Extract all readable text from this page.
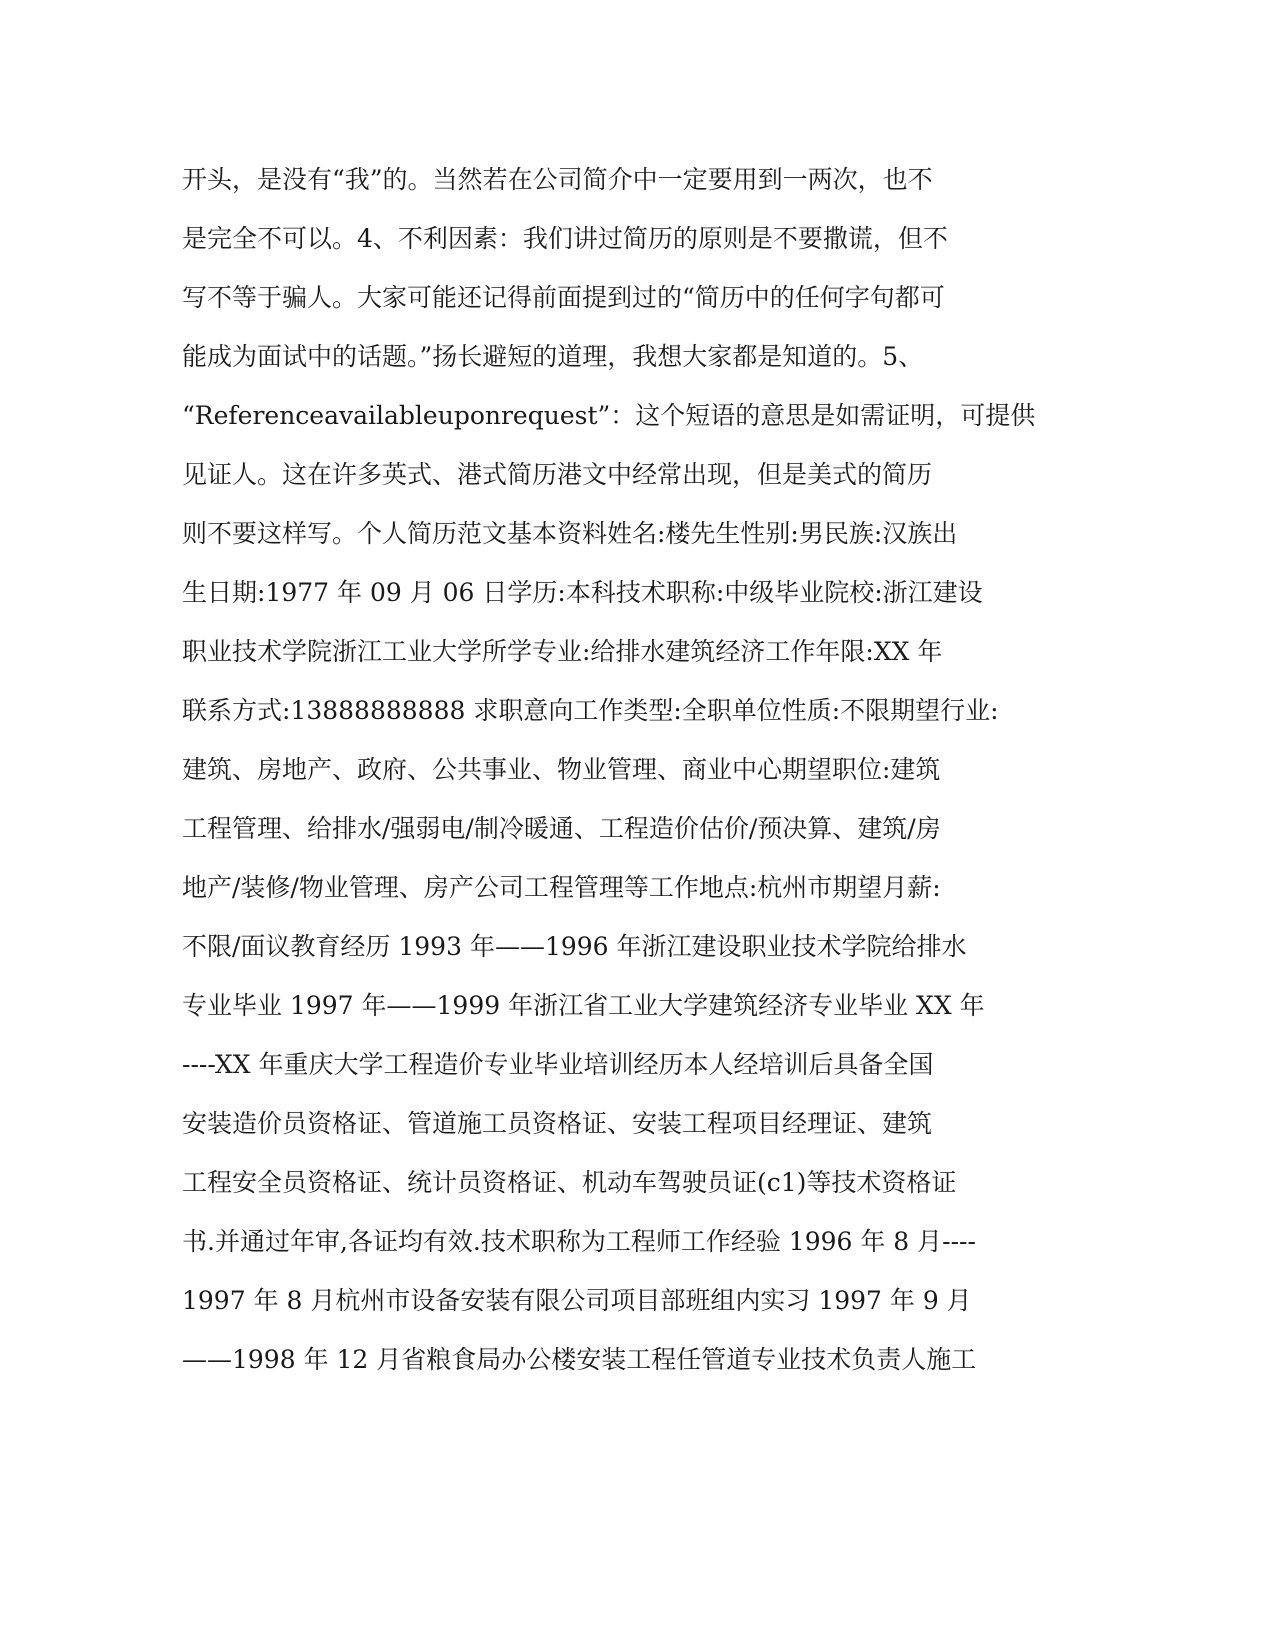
开头，是没有“我”的。当然若在公司简介中一定要用到一两次，也不
是完全不可以。4、不利因素：我们讲过简历的原则是不要撒谎，但不
写不等于骗人。大家可能还记得前面提到过的“简历中的任何字句都可
能成为面试中的话题。”扬长避短的道理，我想大家都是知道的。5、
“Referenceavailableuponrequest”：这个短语的意思是如需证明，可提供
见证人。这在许多英式、港式简历港文中经常出现，但是美式的简历
则不要这样写。个人简历范文基本资料姓名:楼先生性别:男民族:汉族出
生日期:1977 年 09 月 06 日学历:本科技术职称:中级毕业院校:浙江建设
职业技术学院浙江工业大学所学专业:给排水建筑经济工作年限:XX 年
联系方式:13888888888 求职意向工作类型:全职单位性质:不限期望行业:
建筑、房地产、政府、公共事业、物业管理、商业中心期望职位:建筑
工程管理、给排水/强弱电/制冷暖通、工程造价估价/预决算、建筑/房
地产/装修/物业管理、房产公司工程管理等工作地点:杭州市期望月薪:
不限/面议教育经历 1993 年——1996 年浙江建设职业技术学院给排水
专业毕业 1997 年——1999 年浙江省工业大学建筑经济专业毕业 XX 年
----XX 年重庆大学工程造价专业毕业培训经历本人经培训后具备全国
安装造价员资格证、管道施工员资格证、安装工程项目经理证、建筑
工程安全员资格证、统计员资格证、机动车驾驶员证(c1)等技术资格证
书.并通过年审,各证均有效.技术职称为工程师工作经验 1996 年 8 月----
1997 年 8 月杭州市设备安装有限公司项目部班组内实习 1997 年 9 月
——1998 年 12 月省粮食局办公楼安装工程任管道专业技术负责人施工
